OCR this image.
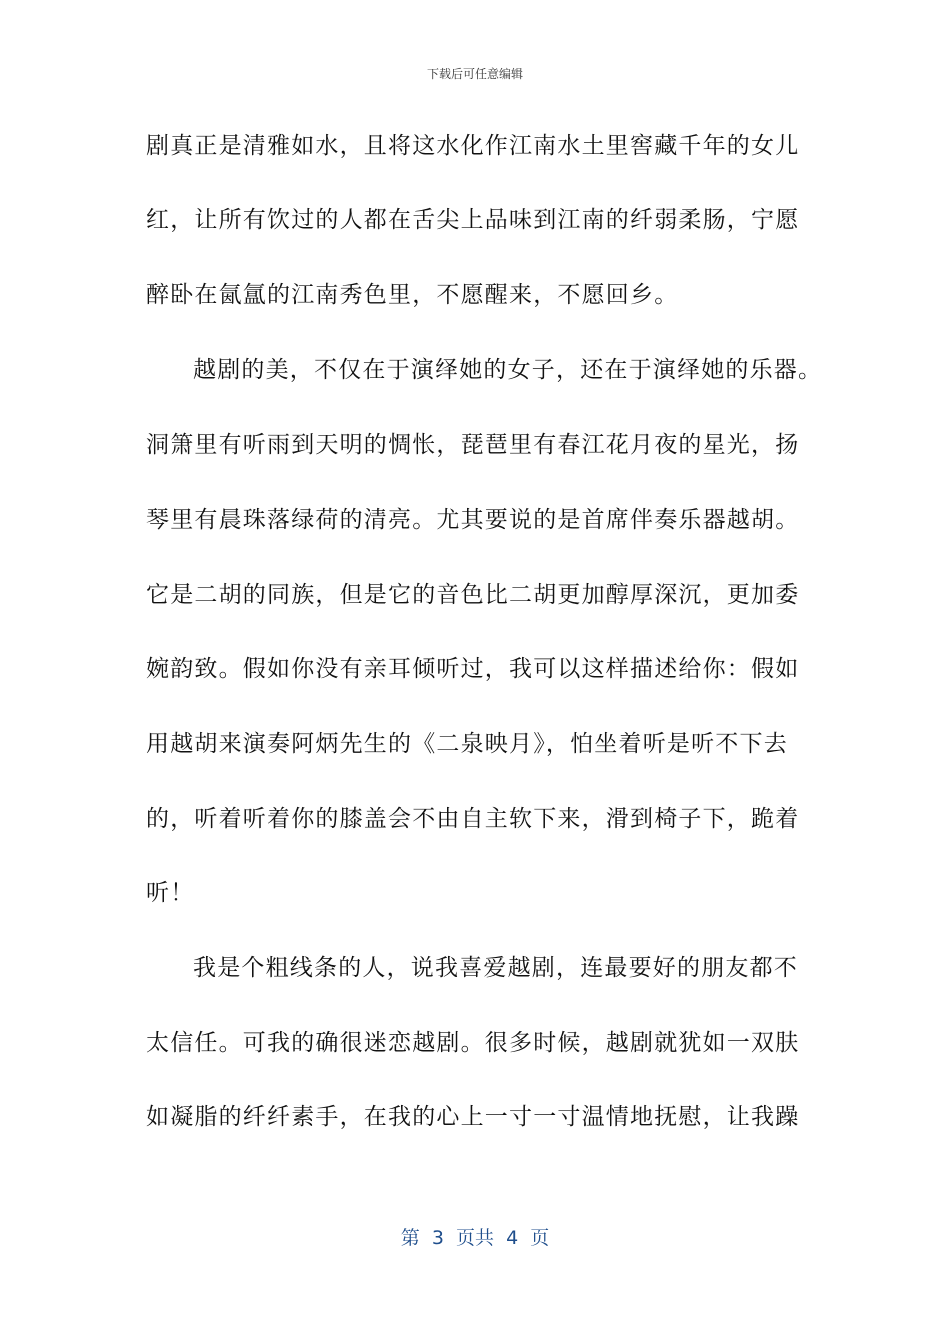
下载后可任意编辑
剧真正是清雅如水，且将这水化作江南水土里窖藏千年的女儿
红，让所有饮过的人都在舌尖上品味到江南的纤弱柔肠，宁愿
醉卧在氤氲的江南秀色里，不愿醒来，不愿回乡。
越剧的美，不仅在于演绎她的女子，还在于演绎她的乐器。
洞箫里有听雨到天明的惆怅，琵琶里有春江花月夜的星光，扬
琴里有晨珠落绿荷的清亮。尤其要说的是首席伴奏乐器越胡。
它是二胡的同族，但是它的音色比二胡更加醇厚深沉，更加委
婉韵致。假如你没有亲耳倾听过，我可以这样描述给你：假如
用越胡来演奏阿炳先生的《二泉映月》，怕坐着听是听不下去
的，听着听着你的膝盖会不由自主软下来，滑到椅子下，跪着
听！
我是个粗线条的人，说我喜爱越剧，连最要好的朋友都不
太信任。可我的确很迷恋越剧。很多时候，越剧就犹如一双肤
如凝脂的纤纤素手，在我的心上一寸一寸温情地抚慰，让我躁
第  3  页共  4  页
